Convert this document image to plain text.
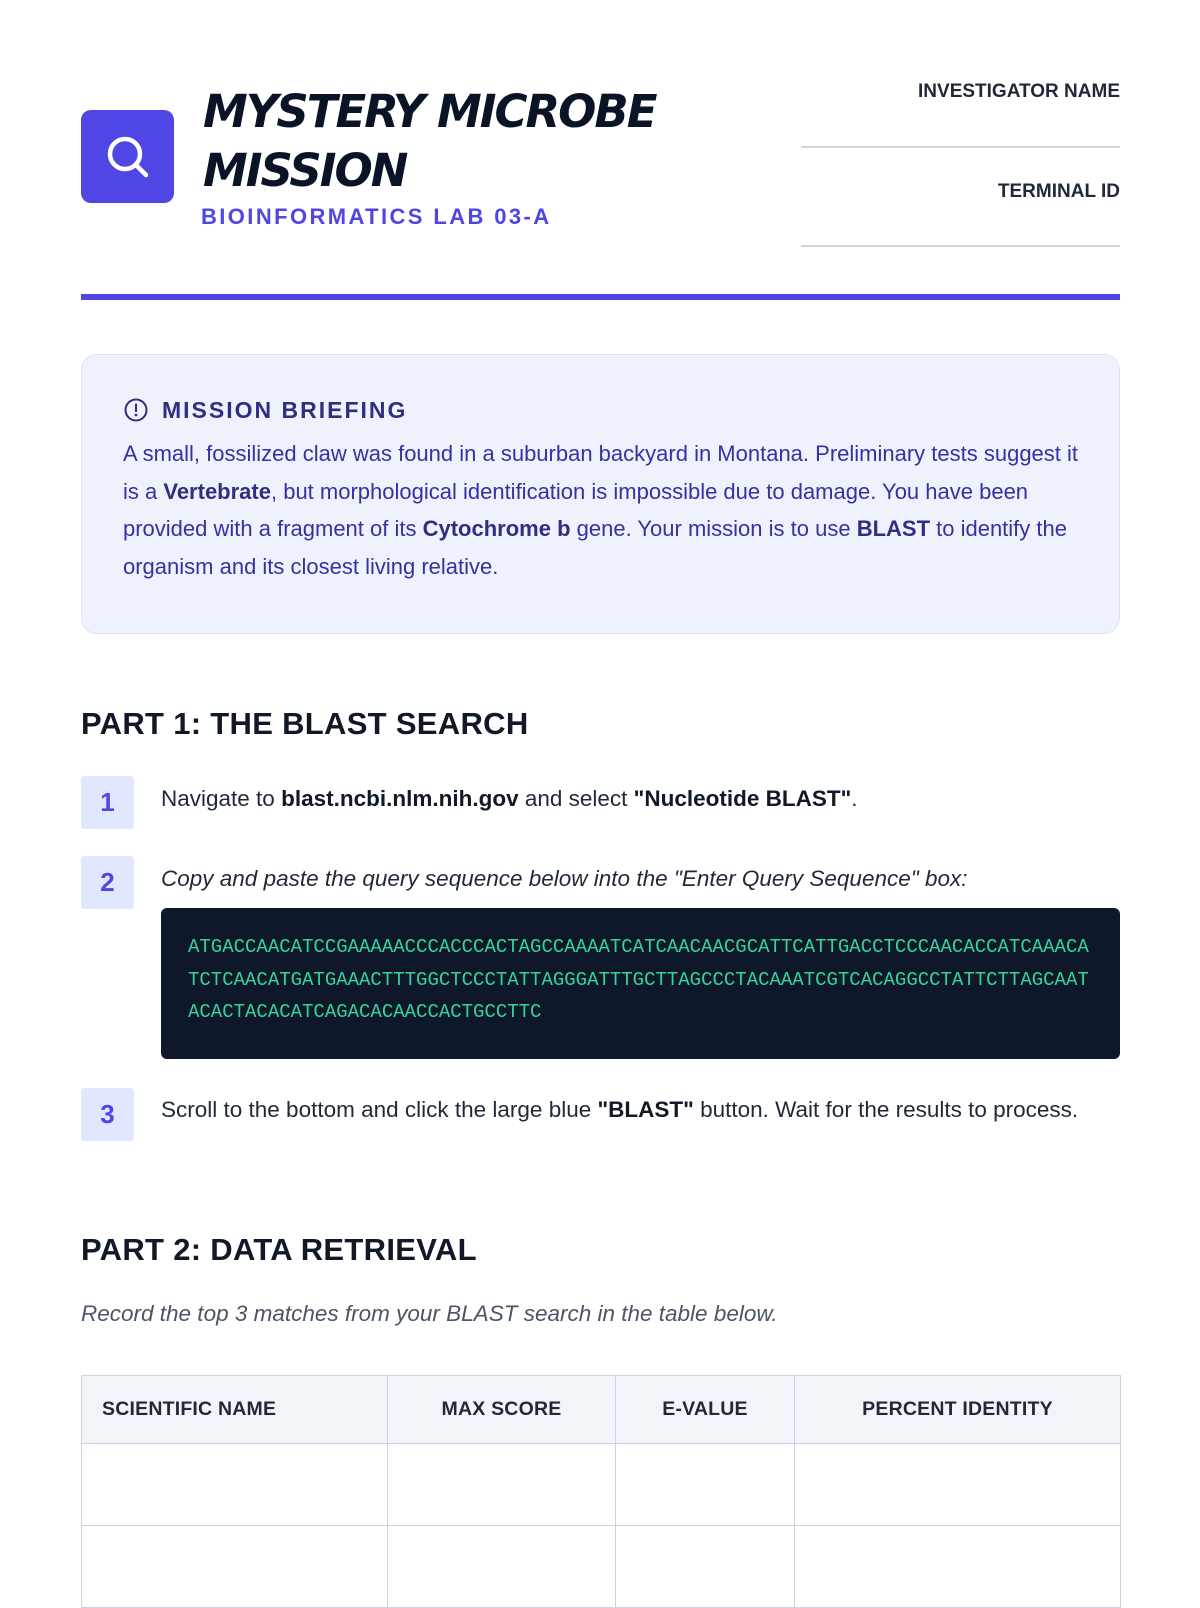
MYSTERY MICROBE
MISSION
BIOINFORMATICS LAB 03-A
INVESTIGATOR NAME
TERMINAL ID
MISSION BRIEFING
A small, fossilized claw was found in a suburban backyard in Montana. Preliminary tests suggest it is a Vertebrate, but morphological identification is impossible due to damage. You have been provided with a fragment of its Cytochrome b gene. Your mission is to use BLAST to identify the organism and its closest living relative.
PART 1: THE BLAST SEARCH
1	Navigate to blast.ncbi.nlm.nih.gov and select "Nucleotide BLAST".
2	Copy and paste the query sequence below into the "Enter Query Sequence" box:
ATGACCAACATCCGAAAAACCCACCCACTAGCCAAAATCATCAACAACGCATTCATTGACCTCCCAACACCATCAAACATCTCAACATGATGAAACTTTGGCTCCCTATTAGGGATTTGCTTAGCCCTACAAATCGTCACAGGCCTATTCTTAGCAATACACTACACATCAGACACAACCACTGCCTTC
3	Scroll to the bottom and click the large blue "BLAST" button. Wait for the results to process.
PART 2: DATA RETRIEVAL
Record the top 3 matches from your BLAST search in the table below.
SCIENTIFIC NAME	MAX SCORE	E-VALUE	PERCENT IDENTITY
